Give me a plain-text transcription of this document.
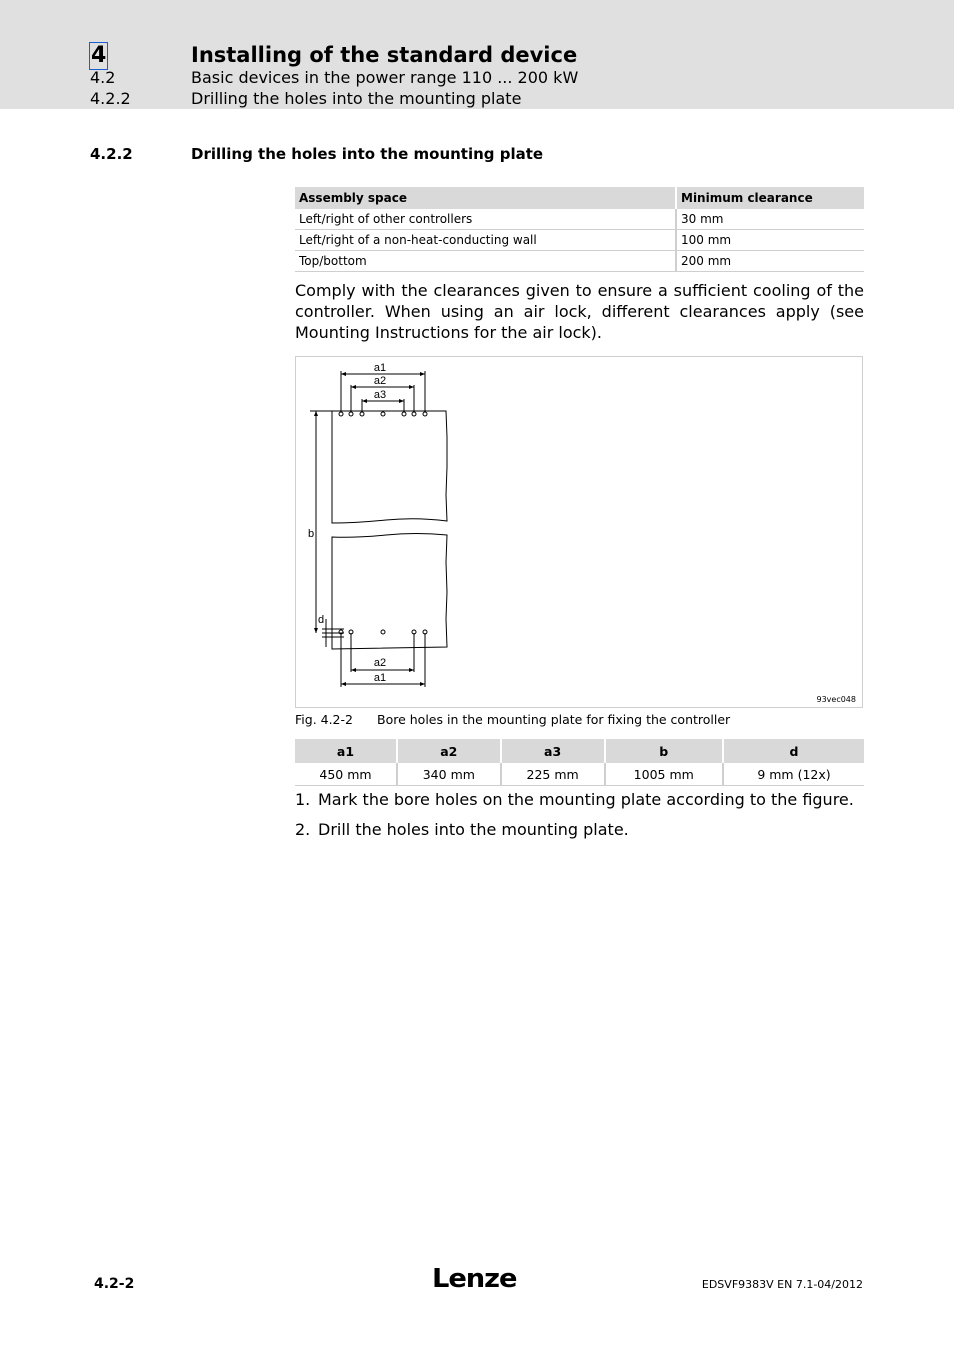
4	Installing of the standard device
4.2	Basic devices in the power range 110 ... 200 kW
4.2.2	Drilling the holes into the mounting plate
4.2.2	Drilling the holes into the mounting plate
Assembly space	Minimum clearance
Left/right of other controllers	30 mm
Left/right of a non-heat-conducting wall	100 mm
Top/bottom	200 mm

Comply with the clearances given to ensure a sufficient cooling of the controller. When using an air lock, different clearances apply (see Mounting Instructions for the air lock).

a1
a2
a3
b
d
a2
a1
93vec048
Fig. 4.2-2 Bore holes in the mounting plate for fixing the controller
a1	a2	a3	b	d
450 mm	340 mm	225 mm	1005 mm	9 mm (12x)
1. Mark the bore holes on the mounting plate according to the figure.
2. Drill the holes into the mounting plate.
4.2-2	Lenze	EDSVF9383V EN 7.1-04/2012
